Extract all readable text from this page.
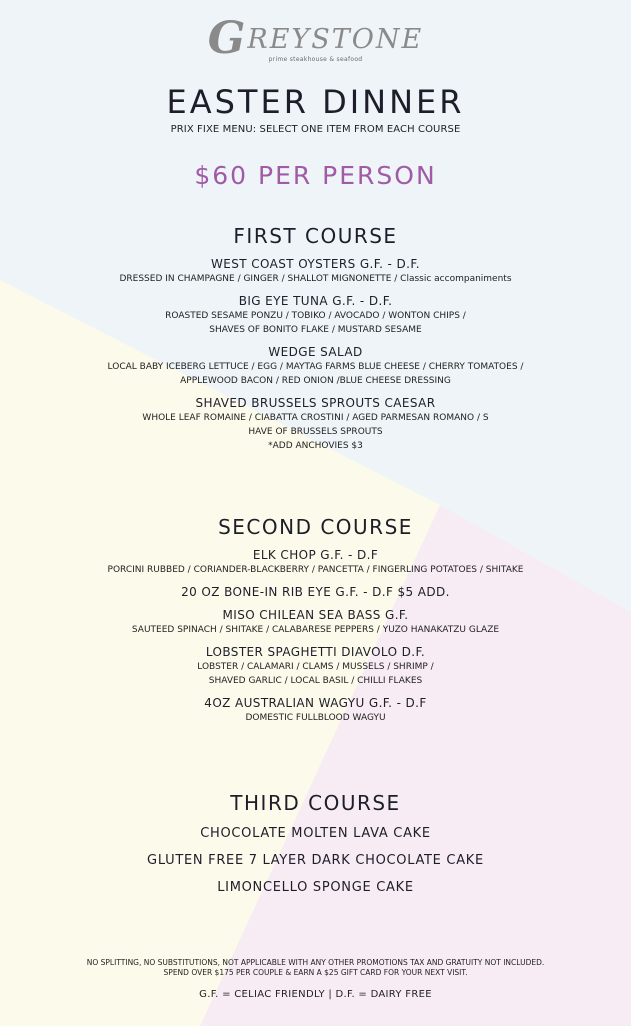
GREYSTONE
prime steakhouse & seafood
EASTER DINNER
PRIX FIXE MENU: SELECT ONE ITEM FROM EACH COURSE
$60 PER PERSON
FIRST COURSE
WEST COAST OYSTERS G.F. - D.F.
DRESSED IN CHAMPAGNE / GINGER / SHALLOT MIGNONETTE / Classic accompaniments
BIG EYE TUNA G.F. - D.F.
ROASTED SESAME PONZU / TOBIKO / AVOCADO / WONTON CHIPS /
SHAVES OF BONITO FLAKE / MUSTARD SESAME
WEDGE SALAD
LOCAL BABY ICEBERG LETTUCE / EGG / MAYTAG FARMS BLUE CHEESE / CHERRY TOMATOES /
APPLEWOOD BACON / RED ONION /BLUE CHEESE DRESSING
SHAVED BRUSSELS SPROUTS CAESAR
WHOLE LEAF ROMAINE / CIABATTA CROSTINI / AGED PARMESAN ROMANO / S
HAVE OF BRUSSELS SPROUTS
*ADD ANCHOVIES $3
SECOND COURSE
ELK CHOP G.F. - D.F
PORCINI RUBBED / CORIANDER-BLACKBERRY / PANCETTA / FINGERLING POTATOES / SHITAKE
20 OZ BONE-IN RIB EYE G.F. - D.F $5 ADD.
MISO CHILEAN SEA BASS G.F.
SAUTEED SPINACH / SHITAKE / CALABARESE PEPPERS / YUZO HANAKATZU GLAZE
LOBSTER SPAGHETTI DIAVOLO D.F.
LOBSTER / CALAMARI / CLAMS / MUSSELS / SHRIMP /
SHAVED GARLIC / LOCAL BASIL / CHILLI FLAKES
4OZ AUSTRALIAN WAGYU G.F. - D.F
DOMESTIC FULLBLOOD WAGYU
THIRD COURSE
CHOCOLATE MOLTEN LAVA CAKE
GLUTEN FREE 7 LAYER DARK CHOCOLATE CAKE
LIMONCELLO SPONGE CAKE
NO SPLITTING, NO SUBSTITUTIONS, NOT APPLICABLE WITH ANY OTHER PROMOTIONS TAX AND GRATUITY NOT INCLUDED.
SPEND OVER $175 PER COUPLE & EARN A $25 GIFT CARD FOR YOUR NEXT VISIT.
G.F. = CELIAC FRIENDLY | D.F. = DAIRY FREE
